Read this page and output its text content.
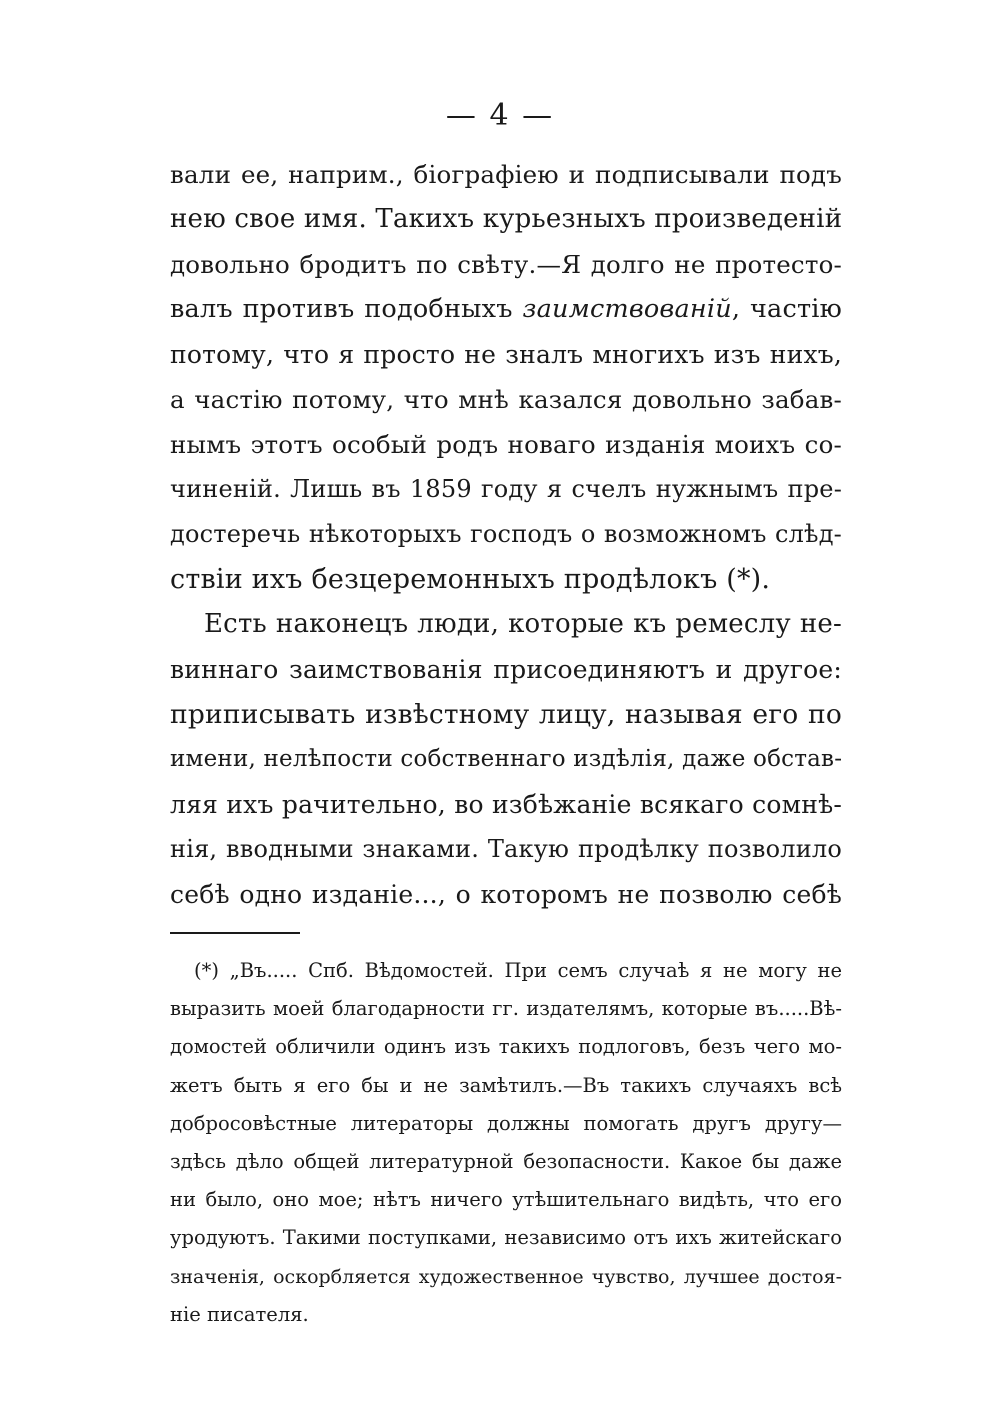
— 4 —
вали ее, наприм., біографіею и подписывали подъ
нею свое имя. Такихъ курьезныхъ произведеній
довольно бродитъ по свѣту.—Я долго не протесто-
валъ противъ подобныхъ заимствованій, частію
потому, что я просто не зналъ многихъ изъ нихъ,
а частію потому, что мнѣ казался довольно забав-
нымъ этотъ особый родъ новаго изданія моихъ со-
чиненій. Лишь въ 1859 году я счелъ нужнымъ пре-
достеречь нѣкоторыхъ господъ о возможномъ слѣд-
ствіи ихъ безцеремонныхъ продѣлокъ (*).
Есть наконецъ люди, которые къ ремеслу не-
виннаго заимствованія присоединяютъ и другое:
приписывать извѣстному лицу, называя его по
имени, нелѣпости собственнаго издѣлія, даже обстав-
ляя ихъ рачительно, во избѣжаніе всякаго сомнѣ-
нія, вводными знаками. Такую продѣлку позволило
себѣ одно изданіе..., о которомъ не позволю себѣ
(*) „Въ..... Спб. Вѣдомостей. При семъ случаѣ я не могу не
выразить моей благодарности гг. издателямъ, которые въ.....Вѣ-
домостей обличили одинъ изъ такихъ подлоговъ, безъ чего мо-
жетъ быть я его бы и не замѣтилъ.—Въ такихъ случаяхъ всѣ
добросовѣстные литераторы должны помогать другъ другу—
здѣсь дѣло общей литературной безопасности. Какое бы даже
ни было, оно мое; нѣтъ ничего утѣшительнаго видѣть, что его
уродуютъ. Такими поступками, независимо отъ ихъ житейскаго
значенія, оскорбляется художественное чувство, лучшее достоя-
ніе писателя.
